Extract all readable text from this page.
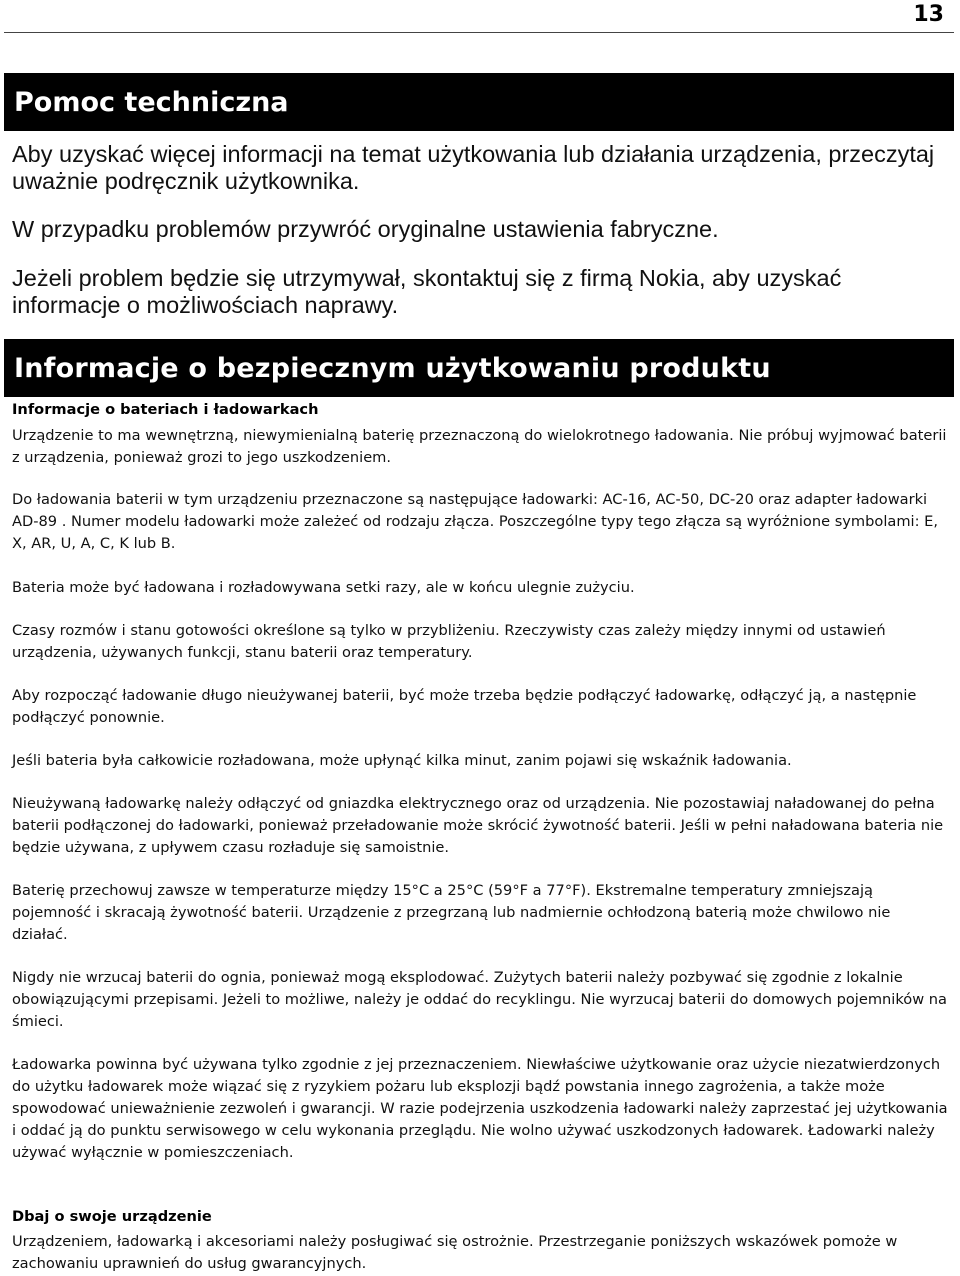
13
Pomoc techniczna

Aby uzyskać więcej informacji na temat użytkowania lub działania urządzenia, przeczytaj uważnie podręcznik użytkownika.

W przypadku problemów przywróć oryginalne ustawienia fabryczne.

Jeżeli problem będzie się utrzymywał, skontaktuj się z firmą Nokia, aby uzyskać informacje o możliwościach naprawy.

Informacje o bezpiecznym użytkowaniu produktu

Informacje o bateriach i ładowarkach

Urządzenie to ma wewnętrzną, niewymienialną baterię przeznaczoną do wielokrotnego ładowania. Nie próbuj wyjmować baterii z urządzenia, ponieważ grozi to jego uszkodzeniem.

Do ładowania baterii w tym urządzeniu przeznaczone są następujące ładowarki: AC-16, AC-50, DC-20 oraz adapter ładowarki AD-89 . Numer modelu ładowarki może zależeć od rodzaju złącza. Poszczególne typy tego złącza są wyróżnione symbolami: E, X, AR, U, A, C, K lub B.

Bateria może być ładowana i rozładowywana setki razy, ale w końcu ulegnie zużyciu.

Czasy rozmów i stanu gotowości określone są tylko w przybliżeniu. Rzeczywisty czas zależy między innymi od ustawień urządzenia, używanych funkcji, stanu baterii oraz temperatury.

Aby rozpocząć ładowanie długo nieużywanej baterii, być może trzeba będzie podłączyć ładowarkę, odłączyć ją, a następnie podłączyć ponownie.

Jeśli bateria była całkowicie rozładowana, może upłynąć kilka minut, zanim pojawi się wskaźnik ładowania.

Nieużywaną ładowarkę należy odłączyć od gniazdka elektrycznego oraz od urządzenia. Nie pozostawiaj naładowanej do pełna baterii podłączonej do ładowarki, ponieważ przeładowanie może skrócić żywotność baterii. Jeśli w pełni naładowana bateria nie będzie używana, z upływem czasu rozładuje się samoistnie.

Baterię przechowuj zawsze w temperaturze między 15°C a 25°C (59°F a 77°F). Ekstremalne temperatury zmniejszają pojemność i skracają żywotność baterii. Urządzenie z przegrzaną lub nadmiernie ochłodzoną baterią może chwilowo nie działać.

Nigdy nie wrzucaj baterii do ognia, ponieważ mogą eksplodować. Zużytych baterii należy pozbywać się zgodnie z lokalnie obowiązującymi przepisami. Jeżeli to możliwe, należy je oddać do recyklingu. Nie wyrzucaj baterii do domowych pojemników na śmieci.

Ładowarka powinna być używana tylko zgodnie z jej przeznaczeniem. Niewłaściwe użytkowanie oraz użycie niezatwierdzonych do użytku ładowarek może wiązać się z ryzykiem pożaru lub eksplozji bądź powstania innego zagrożenia, a także może spowodować unieważnienie zezwoleń i gwarancji. W razie podejrzenia uszkodzenia ładowarki należy zaprzestać jej użytkowania i oddać ją do punktu serwisowego w celu wykonania przeglądu. Nie wolno używać uszkodzonych ładowarek. Ładowarki należy używać wyłącznie w pomieszczeniach.

Dbaj o swoje urządzenie

Urządzeniem, ładowarką i akcesoriami należy posługiwać się ostrożnie. Przestrzeganie poniższych wskazówek pomoże w zachowaniu uprawnień do usług gwarancyjnych.
